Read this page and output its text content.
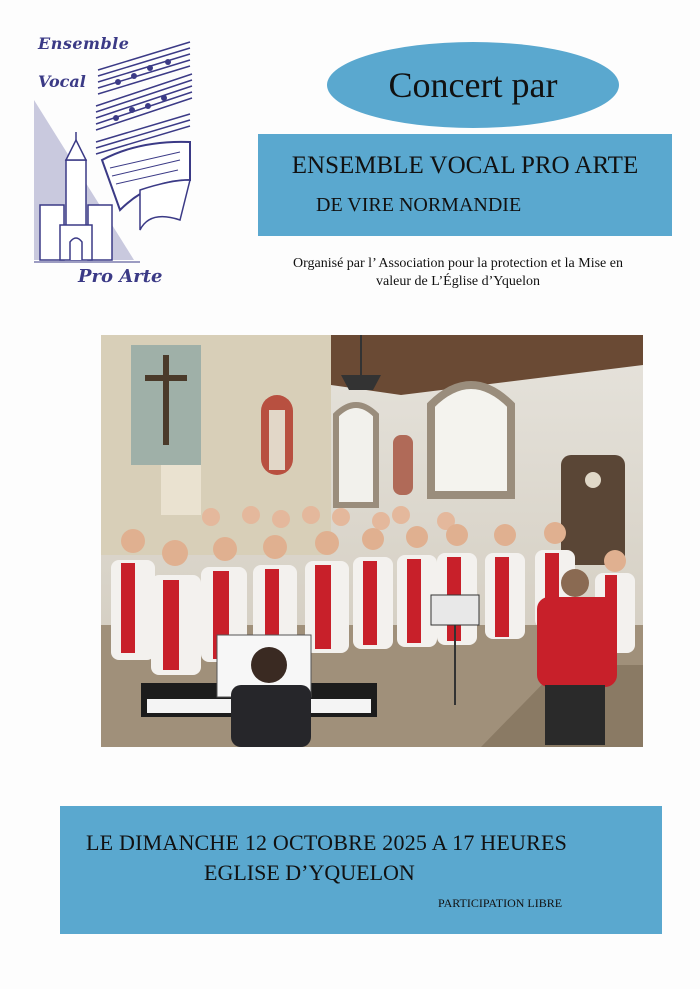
Ensemble
Vocal
Pro Arte
Concert par
ENSEMBLE VOCAL PRO ARTE
DE VIRE NORMANDIE
Organisé par l’ Association pour la protection et la Mise en
valeur de L’Église d’Yquelon
LE DIMANCHE 12 OCTOBRE 2025 A 17 HEURES
EGLISE D’YQUELON
PARTICIPATION LIBRE
